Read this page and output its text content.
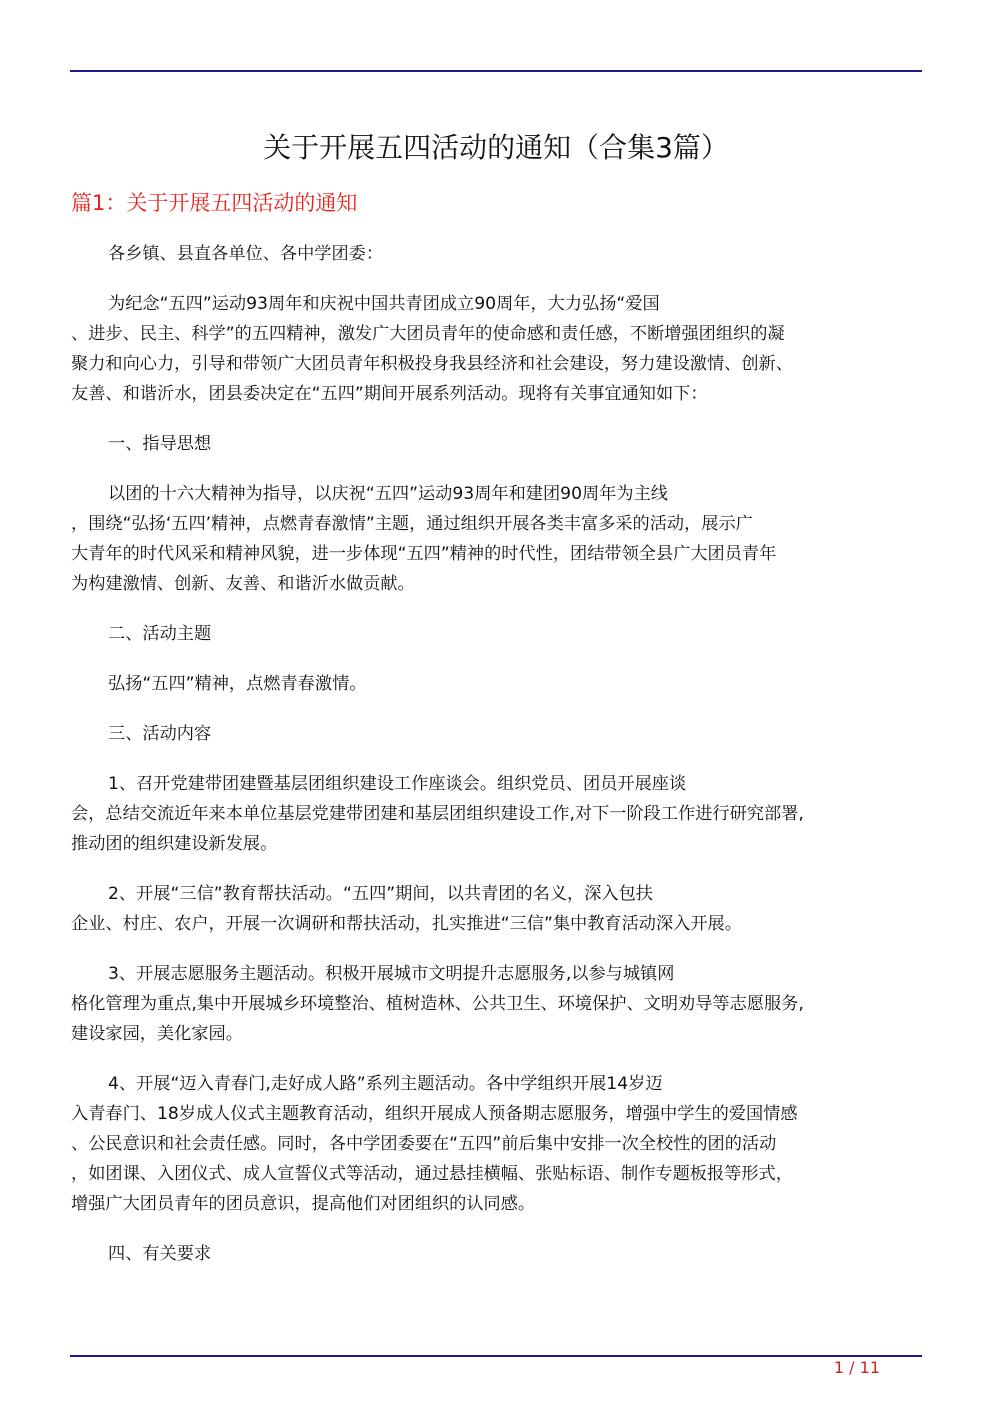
关于开展五四活动的通知（合集3篇）
篇1：关于开展五四活动的通知

各乡镇、县直各单位、各中学团委：

为纪念“五四”运动93周年和庆祝中国共青团成立90周年，大力弘扬“爱国
、进步、民主、科学”的五四精神，激发广大团员青年的使命感和责任感，不断增强团组织的凝
聚力和向心力，引导和带领广大团员青年积极投身我县经济和社会建设，努力建设激情、创新、
友善、和谐沂水，团县委决定在“五四”期间开展系列活动。现将有关事宜通知如下：

一、指导思想

以团的十六大精神为指导，以庆祝“五四”运动93周年和建团90周年为主线
，围绕“弘扬‘五四’精神，点燃青春激情”主题，通过组织开展各类丰富多采的活动，展示广
大青年的时代风采和精神风貌，进一步体现“五四”精神的时代性，团结带领全县广大团员青年
为构建激情、创新、友善、和谐沂水做贡献。

二、活动主题

弘扬“五四”精神，点燃青春激情。

三、活动内容

1、召开党建带团建暨基层团组织建设工作座谈会。组织党员、团员开展座谈
会，总结交流近年来本单位基层党建带团建和基层团组织建设工作,对下一阶段工作进行研究部署,
推动团的组织建设新发展。

2、开展“三信”教育帮扶活动。“五四”期间，以共青团的名义，深入包扶
企业、村庄、农户，开展一次调研和帮扶活动，扎实推进“三信”集中教育活动深入开展。

3、开展志愿服务主题活动。积极开展城市文明提升志愿服务,以参与城镇网
格化管理为重点,集中开展城乡环境整治、植树造林、公共卫生、环境保护、文明劝导等志愿服务,
建设家园，美化家园。

4、开展“迈入青春门,走好成人路”系列主题活动。各中学组织开展14岁迈
入青春门、18岁成人仪式主题教育活动，组织开展成人预备期志愿服务，增强中学生的爱国情感
、公民意识和社会责任感。同时，各中学团委要在“五四”前后集中安排一次全校性的团的活动
，如团课、入团仪式、成人宣誓仪式等活动，通过悬挂横幅、张贴标语、制作专题板报等形式，
增强广大团员青年的团员意识，提高他们对团组织的认同感。

四、有关要求

1 / 11
